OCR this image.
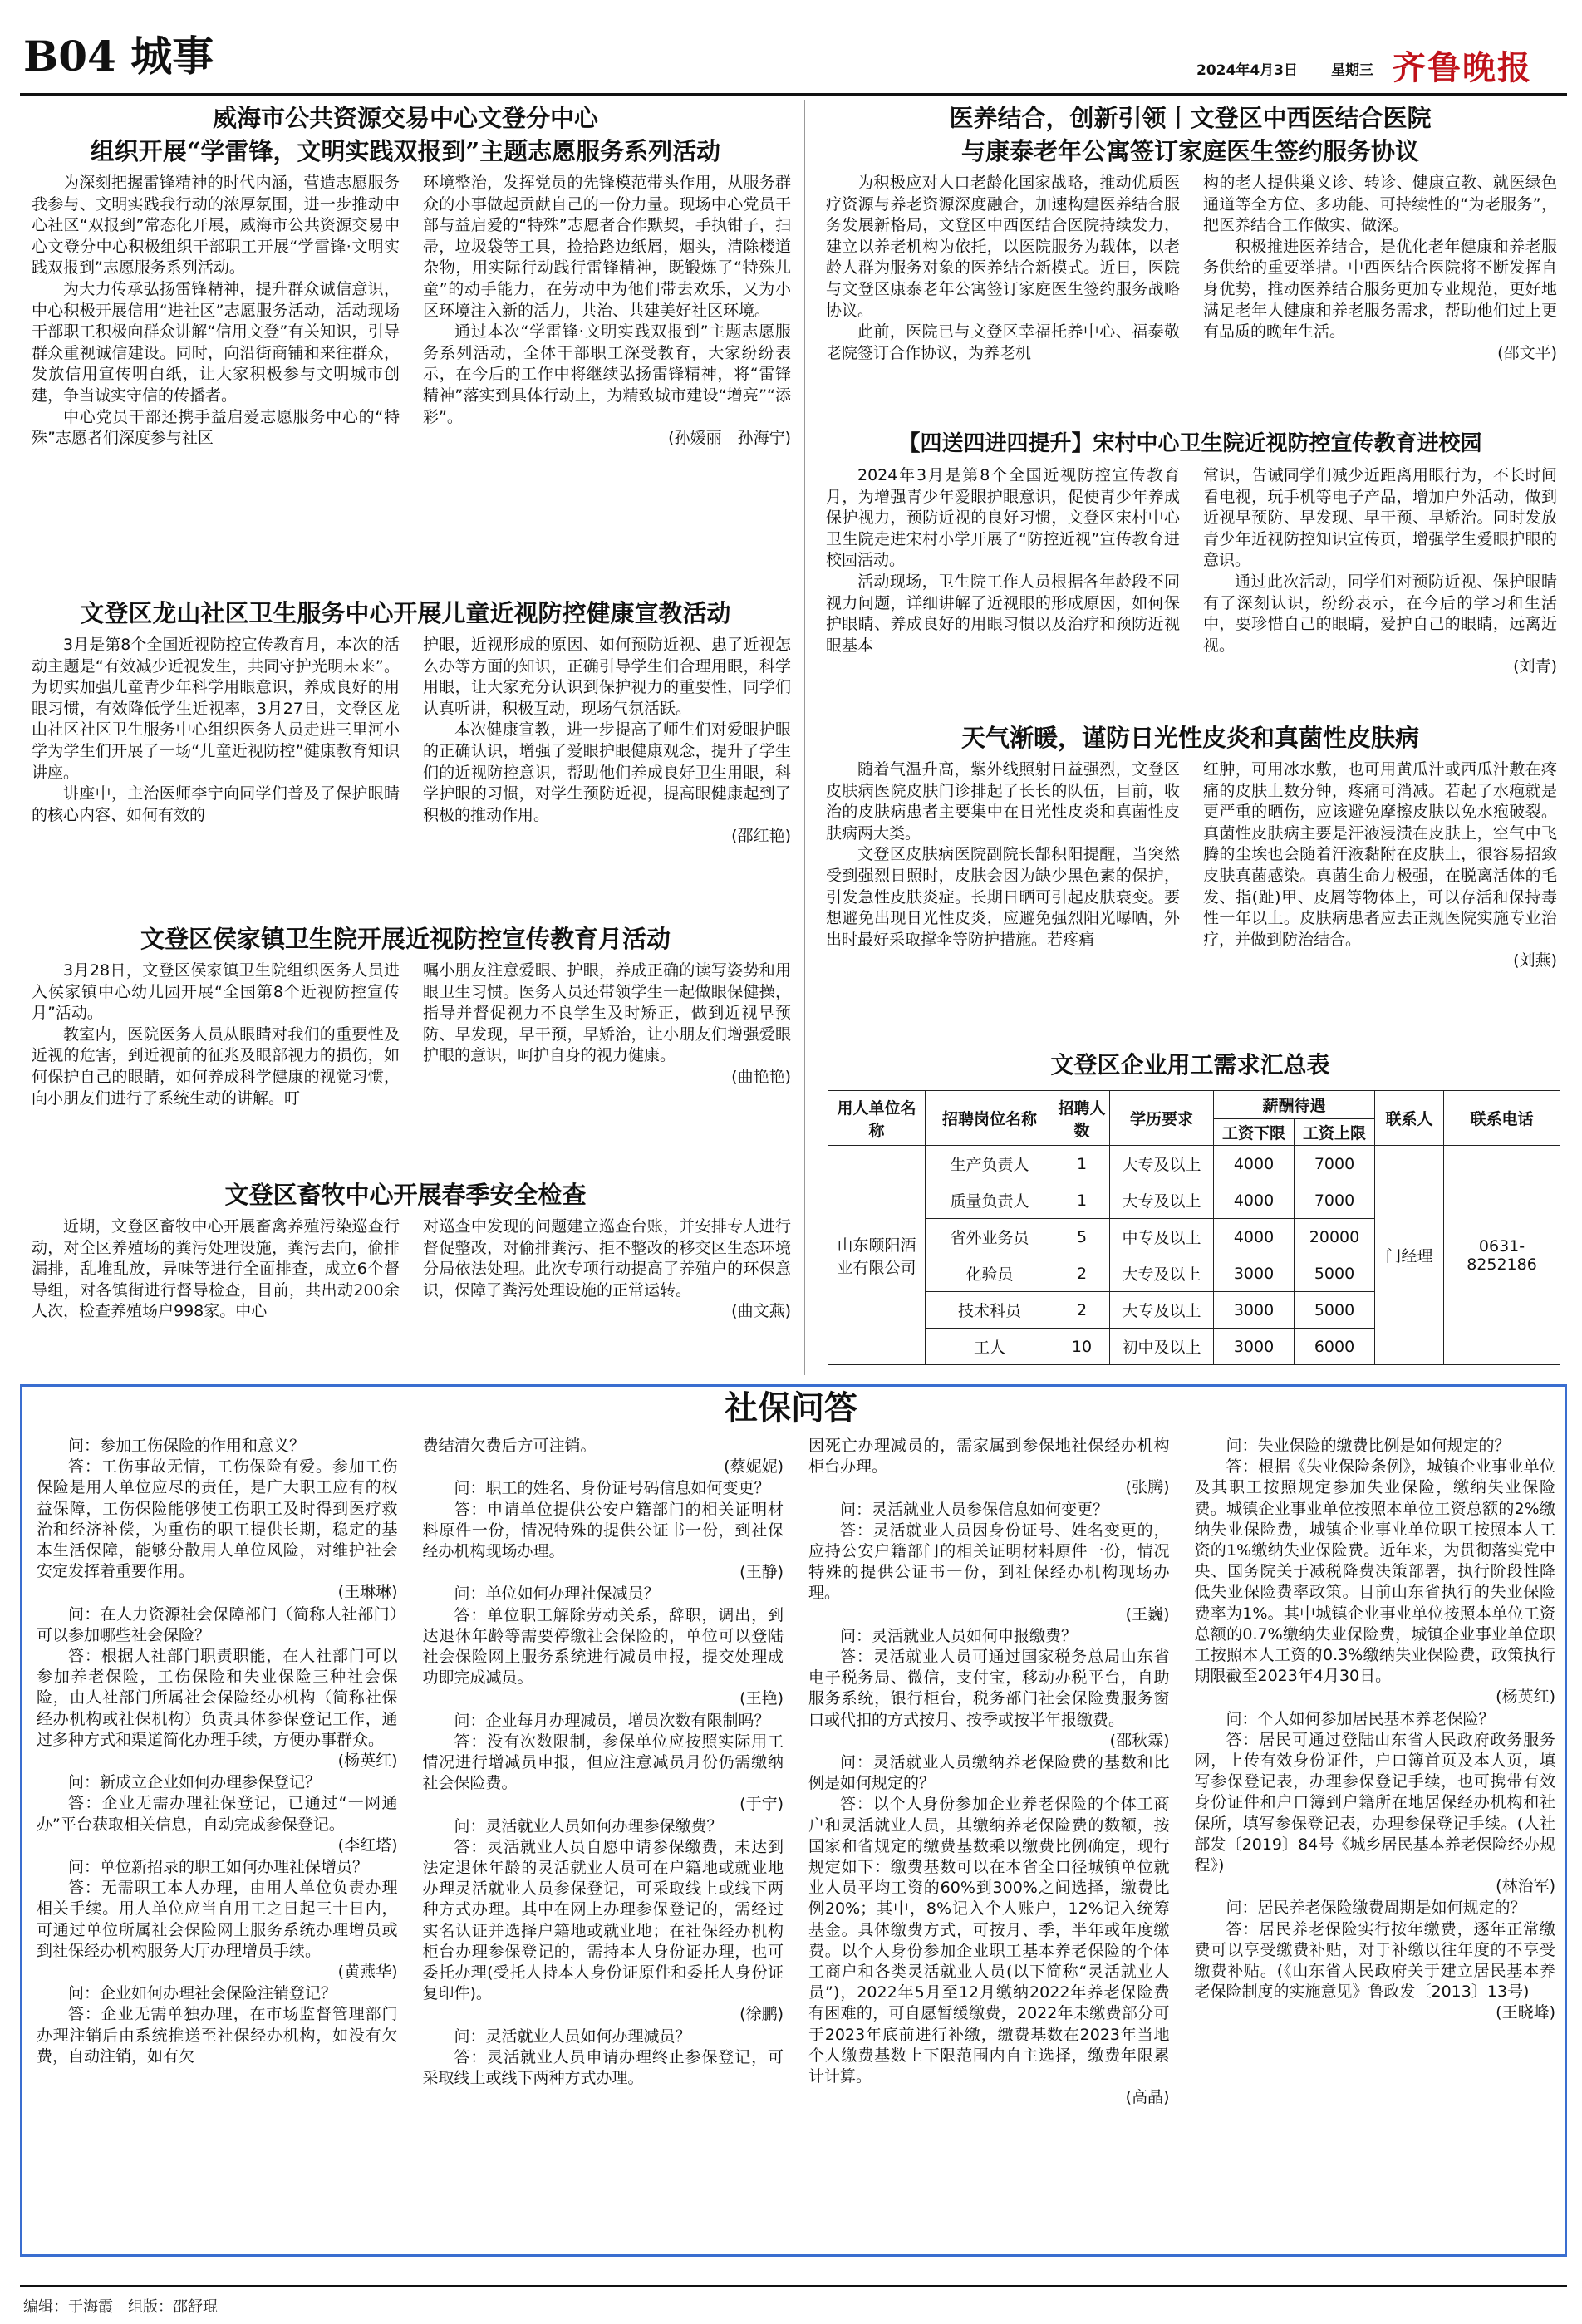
B04 城事	2024年4月3日 星期三 齐鲁晚报
威海市公共资源交易中心文登分中心
组织开展“学雷锋，文明实践双报到”主题志愿服务系列活动

为深刻把握雷锋精神的时代内涵，营造志愿服务我参与、文明实践我行动的浓厚氛围，进一步推动中心社区“双报到”常态化开展，威海市公共资源交易中心文登分中心积极组织干部职工开展“学雷锋·文明实践双报到”志愿服务系列活动。

为大力传承弘扬雷锋精神，提升群众诚信意识，中心积极开展信用“进社区”志愿服务活动，活动现场干部职工积极向群众讲解“信用文登”有关知识，引导群众重视诚信建设。同时，向沿街商铺和来往群众，发放信用宣传明白纸，让大家积极参与文明城市创建，争当诚实守信的传播者。

中心党员干部还携手益启爱志愿服务中心的“特殊”志愿者们深度参与社区

环境整治，发挥党员的先锋模范带头作用，从服务群众的小事做起贡献自己的一份力量。现场中心党员干部与益启爱的“特殊”志愿者合作默契，手执钳子，扫帚，垃圾袋等工具，捡拾路边纸屑，烟头，清除楼道杂物，用实际行动践行雷锋精神，既锻炼了“特殊儿童”的动手能力，在劳动中为他们带去欢乐，又为小区环境注入新的活力，共治、共建美好社区环境。

通过本次“学雷锋·文明实践双报到”主题志愿服务系列活动，全体干部职工深受教育，大家纷纷表示，在今后的工作中将继续弘扬雷锋精神，将“雷锋精神”落实到具体行动上，为精致城市建设“增亮”“添彩”。

(孙媛丽　孙海宁)
文登区龙山社区卫生服务中心开展儿童近视防控健康宣教活动

3月是第8个全国近视防控宣传教育月，本次的活动主题是“有效减少近视发生，共同守护光明未来”。为切实加强儿童青少年科学用眼意识，养成良好的用眼习惯，有效降低学生近视率，3月27日，文登区龙山社区社区卫生服务中心组织医务人员走进三里河小学为学生们开展了一场“儿童近视防控”健康教育知识讲座。

讲座中，主治医师李宁向同学们普及了保护眼睛的核心内容、如何有效的

护眼，近视形成的原因、如何预防近视、患了近视怎么办等方面的知识，正确引导学生们合理用眼，科学用眼，让大家充分认识到保护视力的重要性，同学们认真听讲，积极互动，现场气氛活跃。

本次健康宣教，进一步提高了师生们对爱眼护眼的正确认识，增强了爱眼护眼健康观念，提升了学生们的近视防控意识，帮助他们养成良好卫生用眼，科学护眼的习惯，对学生预防近视，提高眼健康起到了积极的推动作用。

(邵红艳)
文登区侯家镇卫生院开展近视防控宣传教育月活动

3月28日，文登区侯家镇卫生院组织医务人员进入侯家镇中心幼儿园开展“全国第8个近视防控宣传月”活动。

教室内，医院医务人员从眼睛对我们的重要性及近视的危害，到近视前的征兆及眼部视力的损伤，如何保护自己的眼睛，如何养成科学健康的视觉习惯，向小朋友们进行了系统生动的讲解。叮

嘱小朋友注意爱眼、护眼，养成正确的读写姿势和用眼卫生习惯。医务人员还带领学生一起做眼保健操，指导并督促视力不良学生及时矫正，做到近视早预防、早发现，早干预，早矫治，让小朋友们增强爱眼护眼的意识，呵护自身的视力健康。

(曲艳艳)
文登区畜牧中心开展春季安全检查

近期，文登区畜牧中心开展畜禽养殖污染巡查行动，对全区养殖场的粪污处理设施，粪污去向，偷排漏排，乱堆乱放，异味等进行全面排查，成立6个督导组，对各镇街进行督导检查，目前，共出动200余人次，检查养殖场户998家。中心

对巡查中发现的问题建立巡查台账，并安排专人进行督促整改，对偷排粪污、拒不整改的移交区生态环境分局依法处理。此次专项行动提高了养殖户的环保意识，保障了粪污处理设施的正常运转。

(曲文燕)
医养结合，创新引领丨文登区中西医结合医院
与康泰老年公寓签订家庭医生签约服务协议

为积极应对人口老龄化国家战略，推动优质医疗资源与养老资源深度融合，加速构建医养结合服务发展新格局，文登区中西医结合医院持续发力，建立以养老机构为依托，以医院服务为载体，以老龄人群为服务对象的医养结合新模式。近日，医院与文登区康泰老年公寓签订家庭医生签约服务战略协议。

此前，医院已与文登区幸福托养中心、福泰敬老院签订合作协议，为养老机

构的老人提供巢义诊、转诊、健康宣教、就医绿色通道等全方位、多功能、可持续性的“为老服务”，把医养结合工作做实、做深。

积极推进医养结合，是优化老年健康和养老服务供给的重要举措。中西医结合医院将不断发挥自身优势，推动医养结合服务更加专业规范，更好地满足老年人健康和养老服务需求，帮助他们过上更有品质的晚年生活。

(邵文平)
【四送四进四提升】宋村中心卫生院近视防控宣传教育进校园

2024年3月是第8个全国近视防控宣传教育月，为增强青少年爱眼护眼意识，促使青少年养成保护视力，预防近视的良好习惯，文登区宋村中心卫生院走进宋村小学开展了“防控近视”宣传教育进校园活动。

活动现场，卫生院工作人员根据各年龄段不同视力问题，详细讲解了近视眼的形成原因，如何保护眼睛、养成良好的用眼习惯以及治疗和预防近视眼基本

常识，告诫同学们减少近距离用眼行为，不长时间看电视，玩手机等电子产品，增加户外活动，做到近视早预防、早发现、早干预、早矫治。同时发放青少年近视防控知识宣传页，增强学生爱眼护眼的意识。

通过此次活动，同学们对预防近视、保护眼睛有了深刻认识，纷纷表示，在今后的学习和生活中，要珍惜自己的眼睛，爱护自己的眼睛，远离近视。

(刘青)
天气渐暖，谨防日光性皮炎和真菌性皮肤病

随着气温升高，紫外线照射日益强烈，文登区皮肤病医院皮肤门诊排起了长长的队伍，目前，收治的皮肤病患者主要集中在日光性皮炎和真菌性皮肤病两大类。

文登区皮肤病医院副院长郜积阳提醒，当突然受到强烈日照时，皮肤会因为缺少黑色素的保护，引发急性皮肤炎症。长期日晒可引起皮肤衰变。要想避免出现日光性皮炎，应避免强烈阳光曝晒，外出时最好采取撑伞等防护措施。若疼痛

红肿，可用冰水敷，也可用黄瓜汁或西瓜汁敷在疼痛的皮肤上数分钟，疼痛可消减。若起了水疱就是更严重的晒伤，应该避免摩擦皮肤以免水疱破裂。真菌性皮肤病主要是汗液浸渍在皮肤上，空气中飞腾的尘埃也会随着汗液黏附在皮肤上，很容易招致皮肤真菌感染。真菌生命力极强，在脱离活体的毛发、指(趾)甲、皮屑等物体上，可以存活和保持毒性一年以上。皮肤病患者应去正规医院实施专业治疗，并做到防治结合。

(刘燕)
文登区企业用工需求汇总表
用人单位名称	招聘岗位名称	招聘人数	学历要求	薪酬待遇		联系人	联系电话
				工资下限	工资上限		
山东颐阳酒业有限公司	生产负责人	1	大专及以上	4000	7000	门经理	0631-8252186
	质量负责人	1	大专及以上	4000	7000		
	省外业务员	5	中专及以上	4000	20000		
	化验员	2	大专及以上	3000	5000		
	技术科员	2	大专及以上	3000	5000		
	工人	10	初中及以上	3000	6000		
社保问答
问：参加工伤保险的作用和意义？
答：工伤事故无情，工伤保险有爱。参加工伤保险是用人单位应尽的责任，是广大职工应有的权益保障，工伤保险能够使工伤职工及时得到医疗救治和经济补偿，为重伤的职工提供长期，稳定的基本生活保障，能够分散用人单位风险，对维护社会安定发挥着重要作用。
(王琳琳)
问：在人力资源社会保障部门（简称人社部门）可以参加哪些社会保险？
答：根据人社部门职责职能，在人社部门可以参加养老保险，工伤保险和失业保险三种社会保险，由人社部门所属社会保险经办机构（简称社保经办机构或社保机构）负责具体参保登记工作，通过多种方式和渠道简化办理手续，方便办事群众。
(杨英红)
问：新成立企业如何办理参保登记？
答：企业无需办理社保登记，已通过“一网通办”平台获取相关信息，自动完成参保登记。
(李红塔)
问：单位新招录的职工如何办理社保增员？
答：无需职工本人办理，由用人单位负责办理相关手续。用人单位应当自用工之日起三十日内，可通过单位所属社会保险网上服务系统办理增员或到社保经办机构服务大厅办理增员手续。
(黄燕华)
问：企业如何办理社会保险注销登记？
答：企业无需单独办理，在市场监督管理部门办理注销后由系统推送至社保经办机构，如没有欠费，自动注销，如有欠
费结清欠费后方可注销。
(蔡妮妮)
问：职工的姓名、身份证号码信息如何变更？
答：申请单位提供公安户籍部门的相关证明材料原件一份，情况特殊的提供公证书一份，到社保经办机构现场办理。
(王静)
问：单位如何办理社保减员？
答：单位职工解除劳动关系，辞职，调出，到达退休年龄等需要停缴社会保险的，单位可以登陆社会保险网上服务系统进行减员申报，提交处理成功即完成减员。
(王艳)
问：企业每月办理减员，增员次数有限制吗？
答：没有次数限制，参保单位应按照实际用工情况进行增减员申报，但应注意减员月份仍需缴纳社会保险费。
(于宁)
问：灵活就业人员如何办理参保缴费？
答：灵活就业人员自愿申请参保缴费，未达到法定退休年龄的灵活就业人员可在户籍地或就业地办理灵活就业人员参保登记，可采取线上或线下两种方式办理。其中在网上办理参保登记的，需经过实名认证并选择户籍地或就业地；在社保经办机构柜台办理参保登记的，需持本人身份证办理，也可委托办理(受托人持本人身份证原件和委托人身份证复印件)。
(徐鹏)
问：灵活就业人员如何办理减员？
答：灵活就业人员申请办理终止参保登记，可采取线上或线下两种方式办理。
因死亡办理减员的，需家属到参保地社保经办机构柜台办理。
(张腾)
问：灵活就业人员参保信息如何变更？
答：灵活就业人员因身份证号、姓名变更的，应持公安户籍部门的相关证明材料原件一份，情况特殊的提供公证书一份，到社保经办机构现场办理。
(王巍)
问：灵活就业人员如何申报缴费？
答：灵活就业人员可通过国家税务总局山东省电子税务局、微信，支付宝，移动办税平台，自助服务系统，银行柜台，税务部门社会保险费服务窗口或代扣的方式按月、按季或按半年报缴费。
(邵秋霖)
问：灵活就业人员缴纳养老保险费的基数和比例是如何规定的？
答：以个人身份参加企业养老保险的个体工商户和灵活就业人员，其缴纳养老保险费的数额，按国家和省规定的缴费基数乘以缴费比例确定，现行规定如下：缴费基数可以在本省全口径城镇单位就业人员平均工资的60%到300%之间选择，缴费比例20%；其中，8%记入个人账户，12%记入统筹基金。具体缴费方式，可按月、季，半年或年度缴费。以个人身份参加企业职工基本养老保险的个体工商户和各类灵活就业人员(以下简称“灵活就业人员”)，2022年5月至12月缴纳2022年养老保险费有困难的，可自愿暂缓缴费，2022年未缴费部分可于2023年底前进行补缴，缴费基数在2023年当地个人缴费基数上下限范围内自主选择，缴费年限累计计算。
(高晶)
问：失业保险的缴费比例是如何规定的？
答：根据《失业保险条例》，城镇企业事业单位及其职工按照规定参加失业保险，缴纳失业保险费。城镇企业事业单位按照本单位工资总额的2%缴纳失业保险费，城镇企业事业单位职工按照本人工资的1%缴纳失业保险费。近年来，为贯彻落实党中央、国务院关于减税降费决策部署，执行阶段性降低失业保险费率政策。目前山东省执行的失业保险费率为1%。其中城镇企业事业单位按照本单位工资总额的0.7%缴纳失业保险费，城镇企业事业单位职工按照本人工资的0.3%缴纳失业保险费，政策执行期限截至2023年4月30日。
(杨英红)
问：个人如何参加居民基本养老保险？
答：居民可通过登陆山东省人民政府政务服务网，上传有效身份证件，户口簿首页及本人页，填写参保登记表，办理参保登记手续，也可携带有效身份证件和户口簿到户籍所在地居保经办机构和社保所，填写参保登记表，办理参保登记手续。(人社部发〔2019〕84号《城乡居民基本养老保险经办规程》)
(林治军)
问：居民养老保险缴费周期是如何规定的？
答：居民养老保险实行按年缴费，逐年正常缴费可以享受缴费补贴，对于补缴以往年度的不享受缴费补贴。(《山东省人民政府关于建立居民基本养老保险制度的实施意见》鲁政发〔2013〕13号)
(王晓峰)
编辑：于海霞　组版：邵舒琨
